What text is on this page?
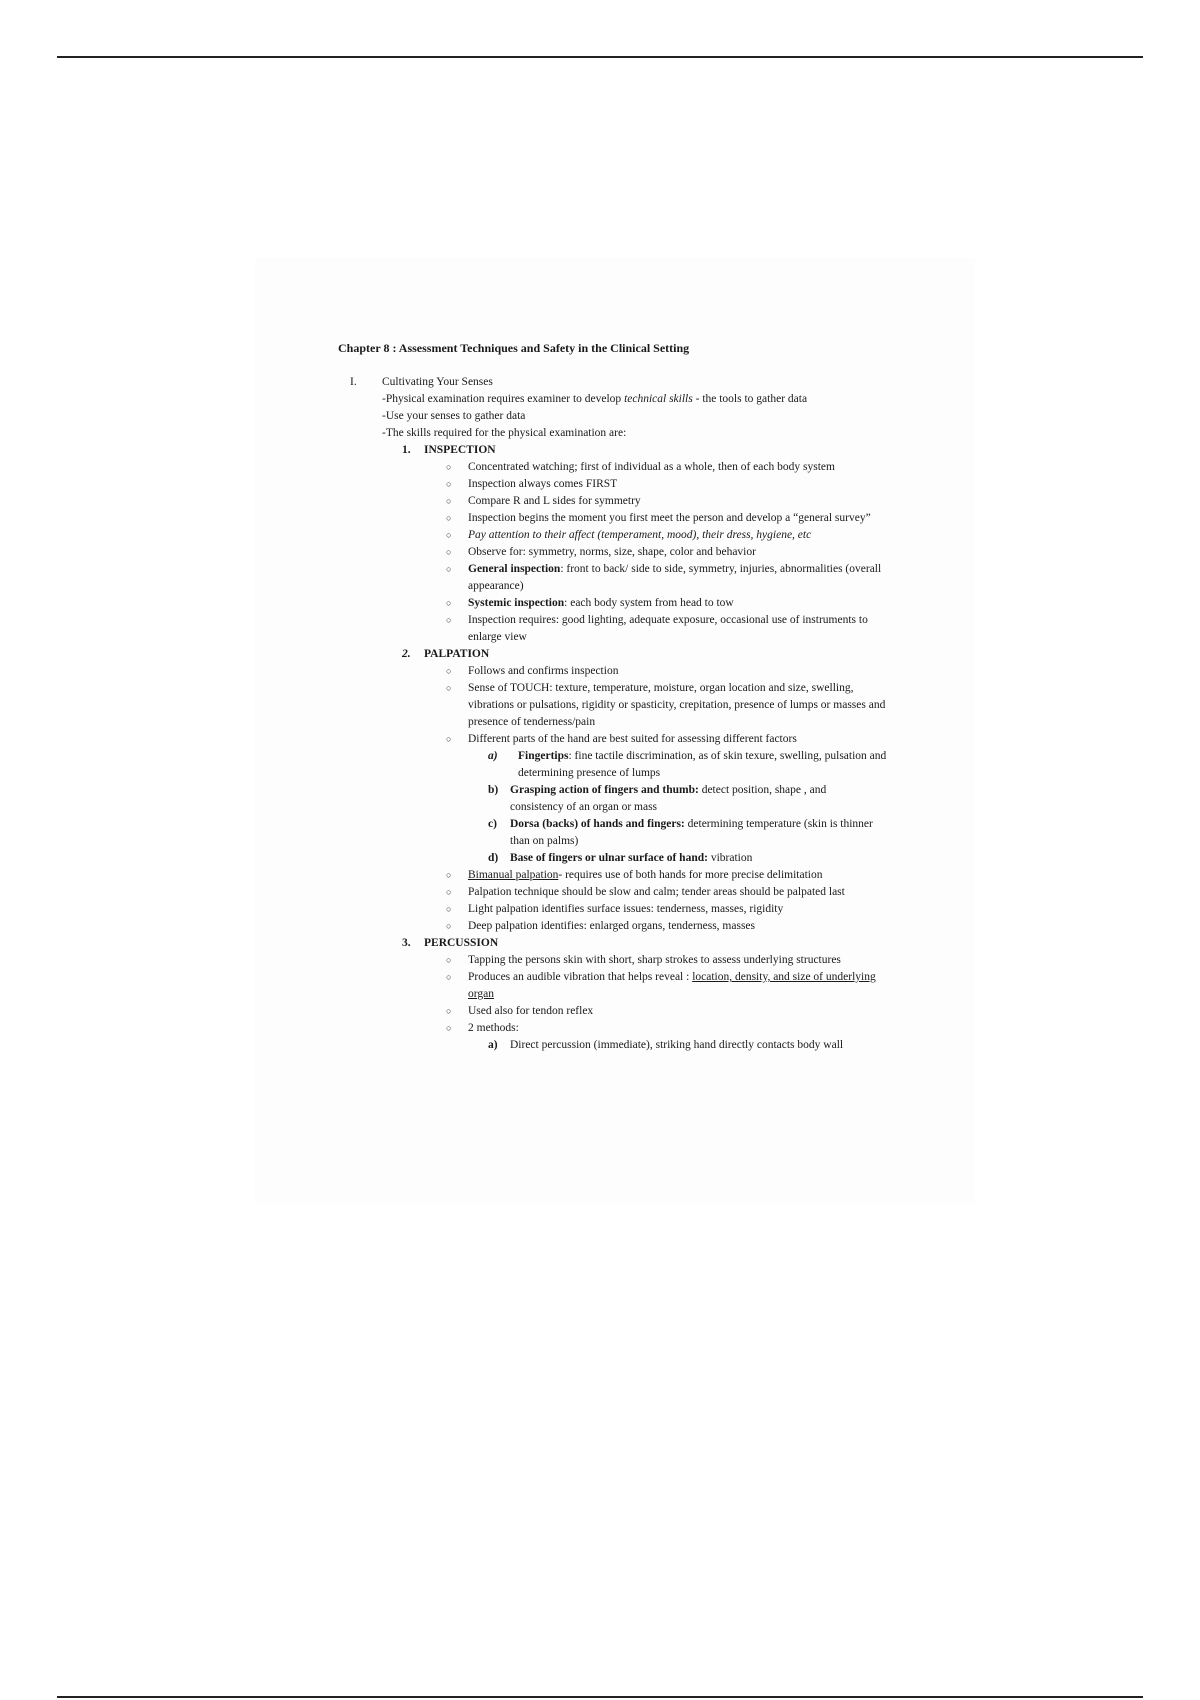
Chapter 8 : Assessment Techniques and Safety in the Clinical Setting
I. Cultivating Your Senses
-Physical examination requires examiner to develop technical skills - the tools to gather data
-Use your senses to gather data
-The skills required for the physical examination are:
1. INSPECTION
○ Concentrated watching; first of individual as a whole, then of each body system
○ Inspection always comes FIRST
○ Compare R and L sides for symmetry
○ Inspection begins the moment you first meet the person and develop a “general survey”
○ Pay attention to their affect (temperament, mood), their dress, hygiene, etc
○ Observe for: symmetry, norms, size, shape, color and behavior
○ General inspection: front to back/ side to side, symmetry, injuries, abnormalities (overall appearance)
○ Systemic inspection: each body system from head to tow
○ Inspection requires: good lighting, adequate exposure, occasional use of instruments to enlarge view
2. PALPATION
○ Follows and confirms inspection
○ Sense of TOUCH: texture, temperature, moisture, organ location and size, swelling, vibrations or pulsations, rigidity or spasticity, crepitation, presence of lumps or masses and presence of tenderness/pain
○ Different parts of the hand are best suited for assessing different factors
a)	Fingertips: fine tactile discrimination, as of skin texure, swelling, pulsation and determining presence of lumps
b) Grasping action of fingers and thumb: detect position, shape , and consistency of an organ or mass
c) Dorsa (backs) of hands and fingers: determining temperature (skin is thinner than on palms)
d) Base of fingers or ulnar surface of hand: vibration
○ Bimanual palpation- requires use of both hands for more precise delimitation
○ Palpation technique should be slow and calm; tender areas should be palpated last
○ Light palpation identifies surface issues: tenderness, masses, rigidity
○ Deep palpation identifies: enlarged organs, tenderness, masses
3. PERCUSSION
○ Tapping the persons skin with short, sharp strokes to assess underlying structures
○ Produces an audible vibration that helps reveal : location, density, and size of underlying organ
○ Used also for tendon reflex
○ 2 methods:
a) Direct percussion (immediate), striking hand directly contacts body wall
